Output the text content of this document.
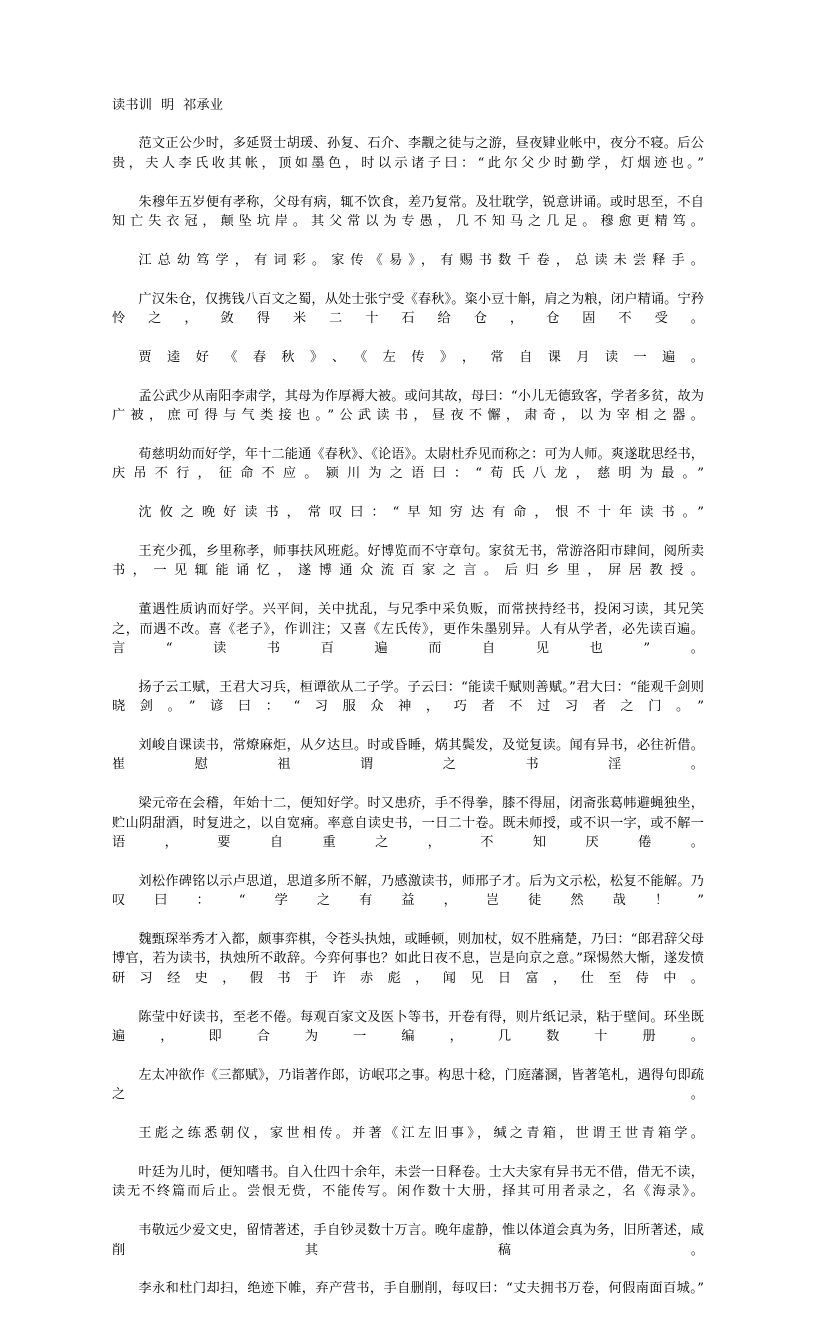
读书训  明  祁承业

范文正公少时，多延贤士胡瑗、孙复、石介、李觏之徒与之游，昼夜肄业帐中，夜分不寝。后公贵，夫人李氏收其帐，顶如墨色，时以示诸子曰：“此尔父少时勤学，灯烟迹也。”

朱穆年五岁便有孝称，父母有病，辄不饮食，差乃复常。及壮耽学，锐意讲诵。或时思至，不自知亡失衣冠，颠坠坑岸。其父常以为专愚，几不知马之几足。穆愈更精笃。

江总幼笃学，有词彩。家传《易》，有赐书数千卷，总读未尝释手。

广汉朱仓，仅携钱八百文之蜀，从处士张宁受《春秋》。粢小豆十斛，肩之为粮，闭户精诵。宁矜怜之，敛得米二十石给仓，仓固不受。

贾逵好《春秋》、《左传》，常自课月读一遍。

孟公武少从南阳李肃学，其母为作厚褥大被。或问其故，母曰：“小儿无德致客，学者多贫，故为广被，庶可得与气类接也。”公武读书，昼夜不懈，肃奇，以为宰相之器。

荀慈明幼而好学，年十二能通《春秋》、《论语》。太尉杜乔见而称之：可为人师。爽遂耽思经书，庆吊不行，征命不应。颍川为之语曰：“荀氏八龙，慈明为最。”

沈攸之晚好读书，常叹曰：“早知穷达有命，恨不十年读书。”

王充少孤，乡里称孝，师事扶风班彪。好博览而不守章句。家贫无书，常游洛阳市肆间，阅所卖书，一见辄能诵忆，遂博通众流百家之言。后归乡里，屏居教授。

董遇性质讷而好学。兴平间，关中扰乱，与兄季中采负贩，而常挟持经书，投闲习读，其兄笑之，而遇不改。喜《老子》，作训注；又喜《左氏传》，更作朱墨别异。人有从学者，必先读百遍。言“读书百遍而自见也”。

扬子云工赋，王君大习兵，桓谭欲从二子学。子云曰：“能读千赋则善赋。”君大曰：“能观千剑则晓剑。”谚曰：“习服众神，巧者不过习者之门。”

刘峻自课读书，常燎麻炬，从夕达旦。时或昏睡，焫其鬓发，及觉复读。闻有异书，必往祈借。崔慰祖谓之书淫。

梁元帝在会稽，年始十二，便知好学。时又患疥，手不得拳，膝不得屈，闭斋张葛帏避蝇独坐，贮山阴甜酒，时复进之，以自宽痛。率意自读史书，一日二十卷。既未师授，或不识一字，或不解一语，要自重之，不知厌倦。

刘松作碑铭以示卢思道，思道多所不解，乃感激读书，师邢子才。后为文示松，松复不能解。乃叹曰：“学之有益，岂徒然哉！”

魏甄琛举秀才入都，颇事弈棋，令苍头执烛，或睡顿，则加杖，奴不胜痛楚，乃曰：“郎君辞父母博官，若为读书，执烛所不敢辞。今弈何事也？如此日夜不息，岂是向京之意。”琛惕然大惭，遂发愤研习经史，假书于许赤彪，闻见日富，仕至侍中。

陈莹中好读书，至老不倦。每观百家文及医卜等书，开卷有得，则片纸记录，粘于壁间。环坐既遍，即合为一编，几数十册。

左太冲欲作《三都赋》，乃诣著作郎，访岷邛之事。构思十稔，门庭藩溷，皆著笔札，遇得句即疏之。

王彪之练悉朝仪，家世相传。并著《江左旧事》，缄之青箱，世谓王世青箱学。

叶廷为儿时，便知嗜书。自入仕四十余年，未尝一日释卷。士大夫家有异书无不借，借无不读，读无不终篇而后止。尝恨无赀，不能传写。闲作数十大册，择其可用者录之，名《海录》。

韦敬远少爱文史，留情著述，手自钞灵数十万言。晚年虚静，惟以体道会真为务，旧所著述，咸削其稿。

李永和杜门却扫，绝迹下帷，弃产营书，手自删削，每叹曰：“丈夫拥书万卷，何假南面百城。”
